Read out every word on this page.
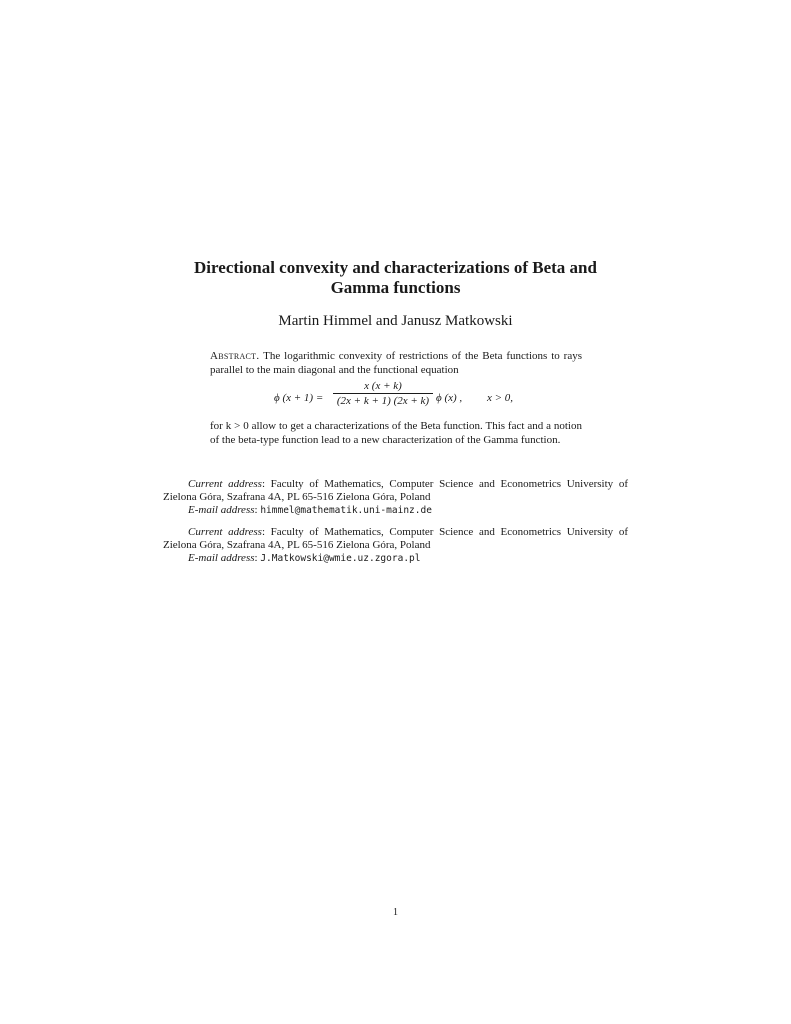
Directional convexity and characterizations of Beta and
Gamma functions
Martin Himmel and Janusz Matkowski

Abstract. The logarithmic convexity of restrictions of the Beta functions to rays parallel to the main diagonal and the functional equation

ϕ $(x + 1) = \frac{x (x + k)}{(2x + k + 1) (2x + k)}$ ϕ (x) , x > 0,

for k > 0 allow to get a characterizations of the Beta function. This fact and a notion of the beta-type function lead to a new characterization of the Gamma function.

Current address: Faculty of Mathematics, Computer Science and Econometrics University of Zielona Góra, Szafrana 4A, PL 65-516 Zielona Góra, Poland

E-mail address: himmel@mathematik.uni-mainz.de

Current address: Faculty of Mathematics, Computer Science and Econometrics University of Zielona Góra, Szafrana 4A, PL 65-516 Zielona Góra, Poland

E-mail address: J.Matkowski@wmie.uz.zgora.pl

1
